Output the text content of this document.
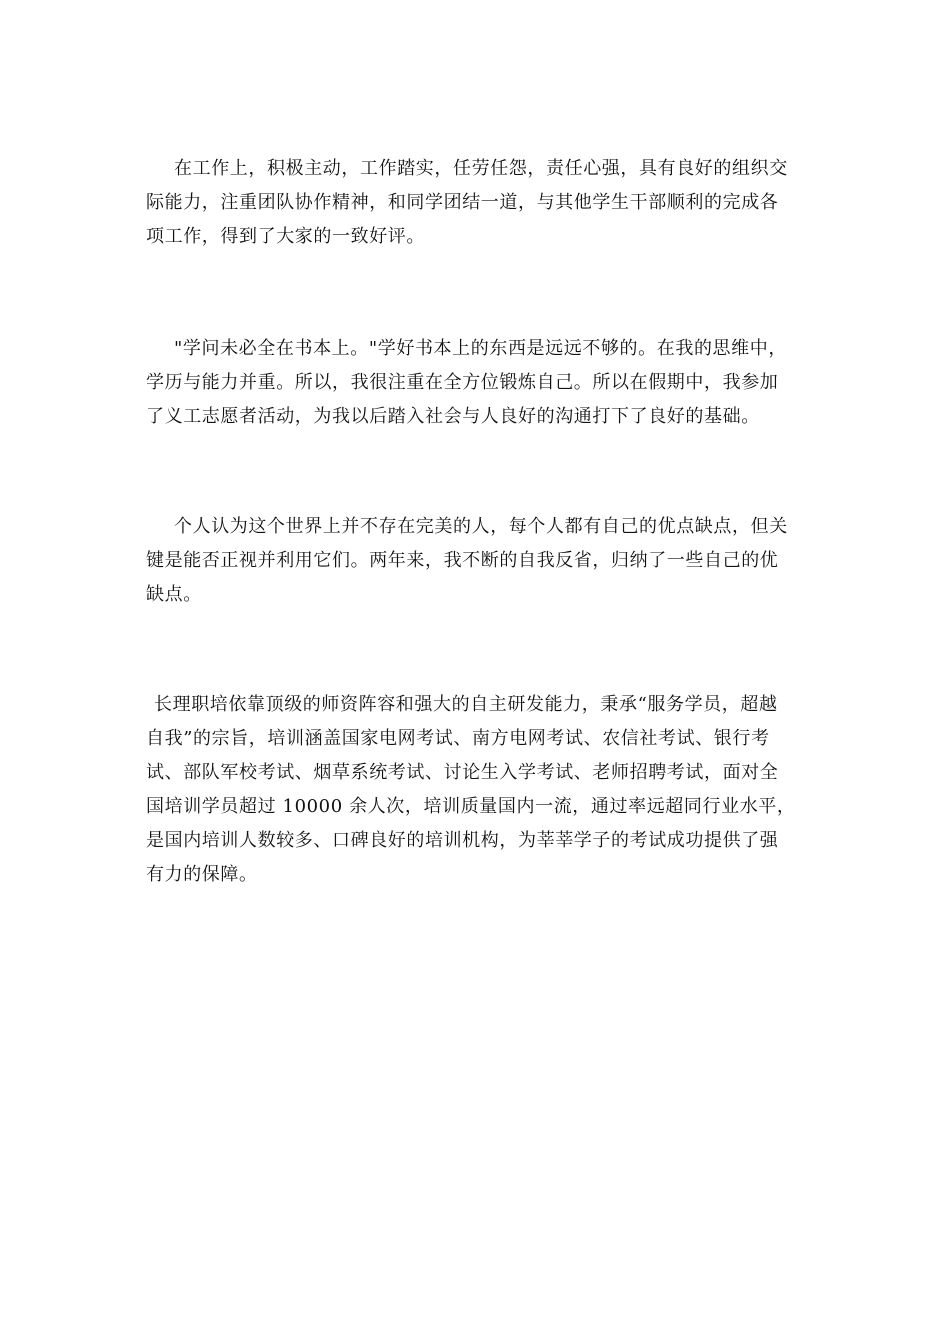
在工作上，积极主动，工作踏实，任劳任怨，责任心强，具有良好的组织交
际能力，注重团队协作精神，和同学团结一道，与其他学生干部顺利的完成各
项工作，得到了大家的一致好评。

"学问未必全在书本上。"学好书本上的东西是远远不够的。在我的思维中，
学历与能力并重。所以，我很注重在全方位锻炼自己。所以在假期中，我参加
了义工志愿者活动，为我以后踏入社会与人良好的沟通打下了良好的基础。

个人认为这个世界上并不存在完美的人，每个人都有自己的优点缺点，但关
键是能否正视并利用它们。两年来，我不断的自我反省，归纳了一些自己的优
缺点。

长理职培依靠顶级的师资阵容和强大的自主研发能力，秉承“服务学员，超越
自我”的宗旨，培训涵盖国家电网考试、南方电网考试、农信社考试、银行考
试、部队军校考试、烟草系统考试、讨论生入学考试、老师招聘考试，面对全
国培训学员超过 10000 余人次，培训质量国内一流，通过率远超同行业水平，
是国内培训人数较多、口碑良好的培训机构，为莘莘学子的考试成功提供了强
有力的保障。
